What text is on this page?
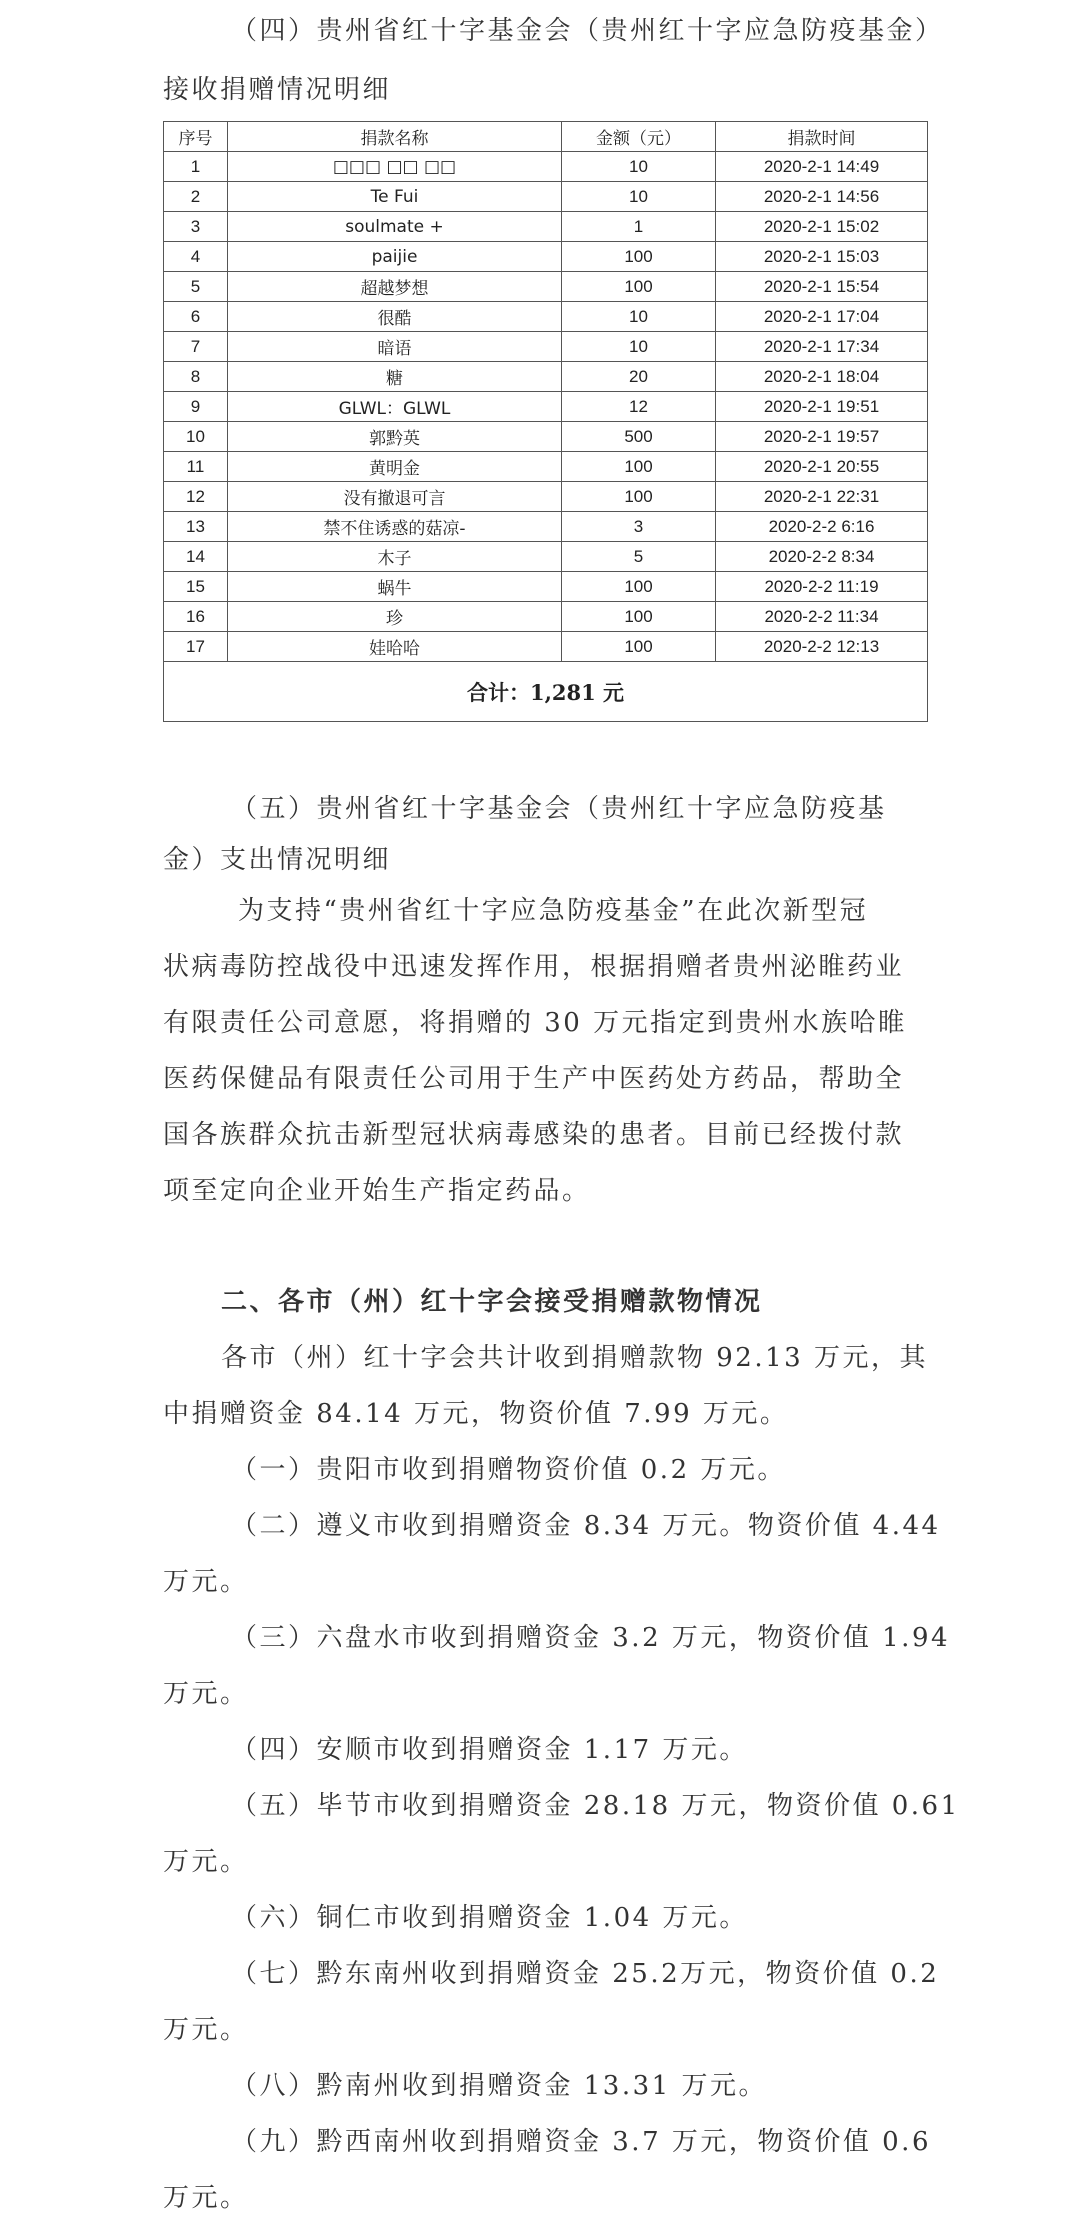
（四）贵州省红十字基金会（贵州红十字应急防疫基金）
接收捐赠情况明细
序号	捐款名称	金额（元）	捐款时间
1	□□□ □□ □□	10	2020-2-1 14:49
2	Te Fui	10	2020-2-1 14:56
3	soulmate +	1	2020-2-1 15:02
4	paijie	100	2020-2-1 15:03
5	超越梦想	100	2020-2-1 15:54
6	很酷	10	2020-2-1 17:04
7	暗语	10	2020-2-1 17:34
8	糖	20	2020-2-1 18:04
9	GLWL：GLWL	12	2020-2-1 19:51
10	郭黔英	500	2020-2-1 19:57
11	黄明金	100	2020-2-1 20:55
12	没有撤退可言	100	2020-2-1 22:31
13	禁不住诱惑的菇凉-	3	2020-2-2 6:16
14	木子	5	2020-2-2 8:34
15	蜗牛	100	2020-2-2 11:19
16	珍	100	2020-2-2 11:34
17	娃哈哈	100	2020-2-2 12:13
合计：1,281 元			
（五）贵州省红十字基金会（贵州红十字应急防疫基
金）支出情况明细
为支持“贵州省红十字应急防疫基金”在此次新型冠
状病毒防控战役中迅速发挥作用，根据捐赠者贵州泌睢药业
有限责任公司意愿，将捐赠的 30 万元指定到贵州水族哈睢
医药保健品有限责任公司用于生产中医药处方药品，帮助全
国各族群众抗击新型冠状病毒感染的患者。目前已经拨付款
项至定向企业开始生产指定药品。
二、各市（州）红十字会接受捐赠款物情况
各市（州）红十字会共计收到捐赠款物 92.13 万元，其
中捐赠资金 84.14 万元，物资价值 7.99 万元。
（一）贵阳市收到捐赠物资价值 0.2 万元。
（二）遵义市收到捐赠资金 8.34 万元。物资价值 4.44
万元。
（三）六盘水市收到捐赠资金 3.2 万元，物资价值 1.94
万元。
（四）安顺市收到捐赠资金 1.17 万元。
（五）毕节市收到捐赠资金 28.18 万元，物资价值 0.61
万元。
（六）铜仁市收到捐赠资金 1.04 万元。
（七）黔东南州收到捐赠资金 25.2万元，物资价值 0.2
万元。
（八）黔南州收到捐赠资金 13.31 万元。
（九）黔西南州收到捐赠资金 3.7 万元，物资价值 0.6
万元。
